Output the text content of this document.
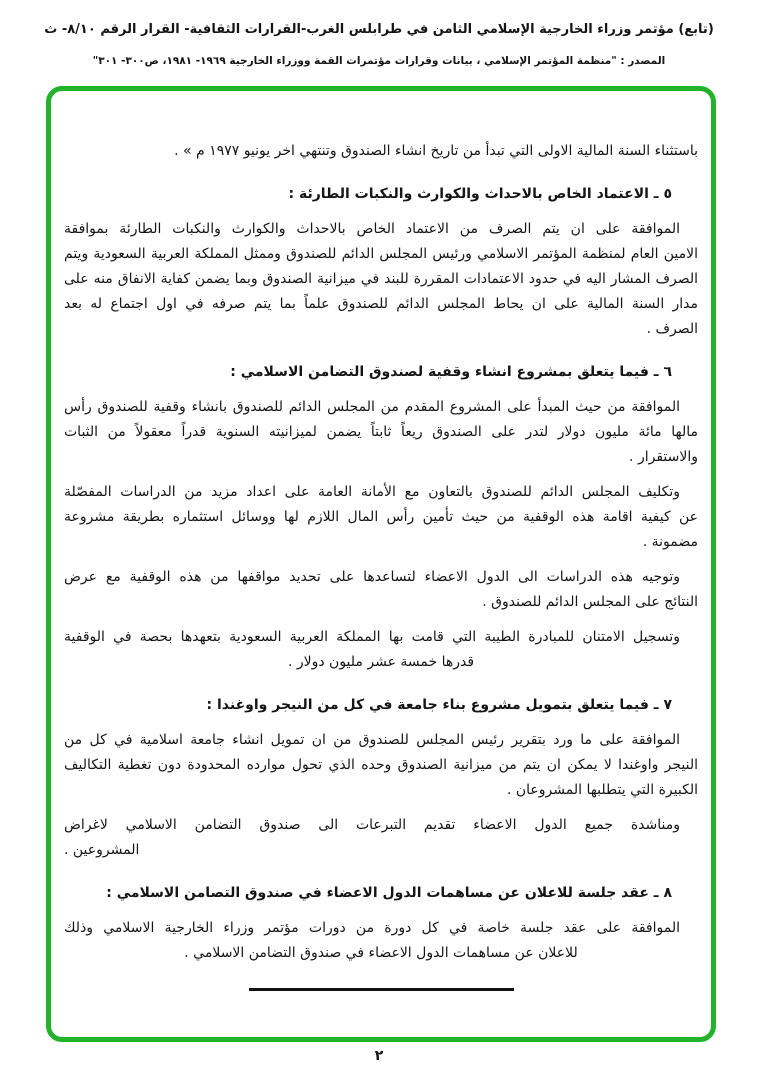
(تابع) مؤتمر وزراء الخارجية الإسلامي الثامن في طرابلس الغرب-القرارات الثقافية- القرار الرقم ٨/١٠- ث
المصدر : "منظمة المؤتمر الإسلامي ، بيانات وقرارات مؤتمرات القمة ووزراء الخارجية ١٩٦٩- ١٩٨١، ص٣٠٠- ٣٠١"
باستثناء السنة المالية الاولى التي تبدأ من تاريخ انشاء الصندوق وتنتهي اخر يونيو ١٩٧٧ م » .
٥ ـ الاعتماد الخاص بالاحداث والكوارث والنكبات الطارئة :
الموافقة على ان يتم الصرف من الاعتماد الخاص بالاحداث والكوارث والنكبات الطارئة بموافقة
الامين العام لمنظمة المؤتمر الاسلامي ورئيس المجلس الدائم للصندوق وممثل المملكة العربية السعودية ويتم
الصرف المشار اليه في حدود الاعتمادات المقررة للبند في ميزانية الصندوق وبما يضمن كفاية الانفاق منه على
مدار السنة المالية على ان يحاط المجلس الدائم للصندوق علماً بما يتم صرفه في اول اجتماع له بعد
الصرف .
٦ ـ فيما يتعلق بمشروع انشاء وقفية لصندوق التضامن الاسلامي :
الموافقة من حيث المبدأ على المشروع المقدم من المجلس الدائم للصندوق بانشاء وقفية للصندوق رأس
مالها مائة مليون دولار لتدر على الصندوق ريعاً ثابتاً يضمن لميزانيته السنوية قدراً معقولاً من الثبات
والاستقرار .
وتكليف المجلس الدائم للصندوق بالتعاون مع الأمانة العامة على اعداد مزيد من الدراسات المفصّلة
عن كيفية اقامة هذه الوقفية من حيث تأمين رأس المال اللازم لها ووسائل استثماره بطريقة مشروعة
مضمونة .
وتوجيه هذه الدراسات الى الدول الاعضاء لتساعدها على تحديد مواقفها من هذه الوقفية مع عرض
النتائج على المجلس الدائم للصندوق .
وتسجيل الامتنان للمبادرة الطيبة التي قامت بها المملكة العربية السعودية بتعهدها بحصة في الوقفية
قدرها خمسة عشر مليون دولار .
٧ ـ فيما يتعلق بتمويل مشروع بناء جامعة في كل من النيجر واوغندا :
الموافقة على ما ورد بتقرير رئيس المجلس للصندوق من ان تمويل انشاء جامعة اسلامية في كل من
النيجر واوغندا لا يمكن ان يتم من ميزانية الصندوق وحده الذي تحول موارده المحدودة دون تغطية التكاليف
الكبيرة التي يتطلبها المشروعان .
ومناشدة جميع الدول الاعضاء تقديم التبرعات الى صندوق التضامن الاسلامي لاغراض
المشروعين .
٨ ـ عقد جلسة للاعلان عن مساهمات الدول الاعضاء في صندوق التصامن الاسلامي :
الموافقة على عقد جلسة خاصة في كل دورة من دورات مؤتمر وزراء الخارجية الاسلامي وذلك
للاعلان عن مساهمات الدول الاعضاء في صندوق التضامن الاسلامي .
٢
